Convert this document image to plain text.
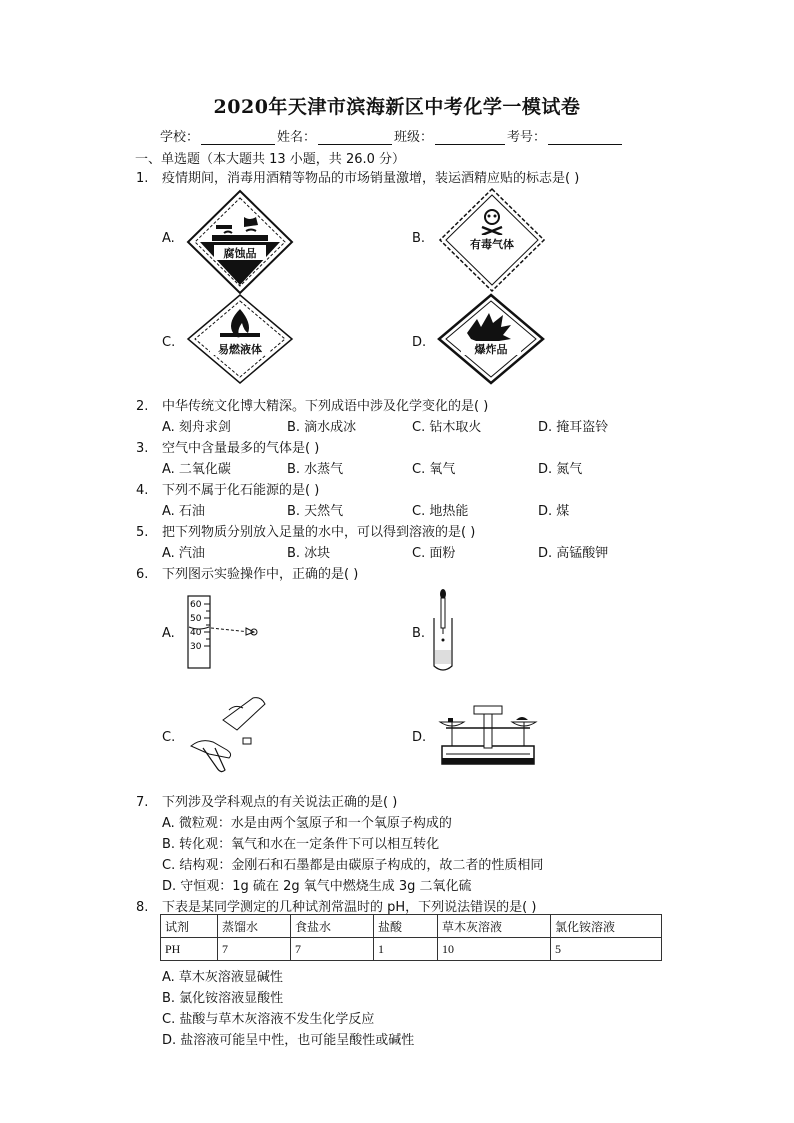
2020年天津市滨海新区中考化学一模试卷
学校：	姓名：	班级：	考号：
一、单选题（本大题共 13 小题，共 26.0 分）
1. 疫情期间，消毒用酒精等物品的市场销量激增，装运酒精应贴的标志是( )
A.	B.
C.	D.
腐蚀品
有毒气体
易燃液体	爆炸品
2. 中华传统文化博大精深。下列成语中涉及化学变化的是( )
A. 刻舟求剑	B. 滴水成冰	C. 钻木取火	D. 掩耳盗铃
3. 空气中含量最多的气体是( )
A. 二氧化碳	B. 水蒸气	C. 氧气	D. 氮气
4. 下列不属于化石能源的是( )
A. 石油	B. 天然气	C. 地热能	D. 煤
5. 把下列物质分别放入足量的水中，可以得到溶液的是( )
A. 汽油	B. 冰块	C. 面粉	D. 高锰酸钾
6. 下列图示实验操作中，正确的是( )
A.	B.
C.	D.
60
50
40
30
7. 下列涉及学科观点的有关说法正确的是( )
A. 微粒观：水是由两个氢原子和一个氧原子构成的
B. 转化观：氧气和水在一定条件下可以相互转化
C. 结构观：金刚石和石墨都是由碳原子构成的，故二者的性质相同
D. 守恒观：1g 硫在 2g 氧气中燃烧生成 3g 二氧化硫
8. 下表是某同学测定的几种试剂常温时的 pH，下列说法错误的是( )
试剂	蒸馏水	食盐水	盐酸	草木灰溶液	氯化铵溶液
PH	7	7	1	10	5
A. 草木灰溶液显碱性
B. 氯化铵溶液显酸性
C. 盐酸与草木灰溶液不发生化学反应
D. 盐溶液可能呈中性，也可能呈酸性或碱性
